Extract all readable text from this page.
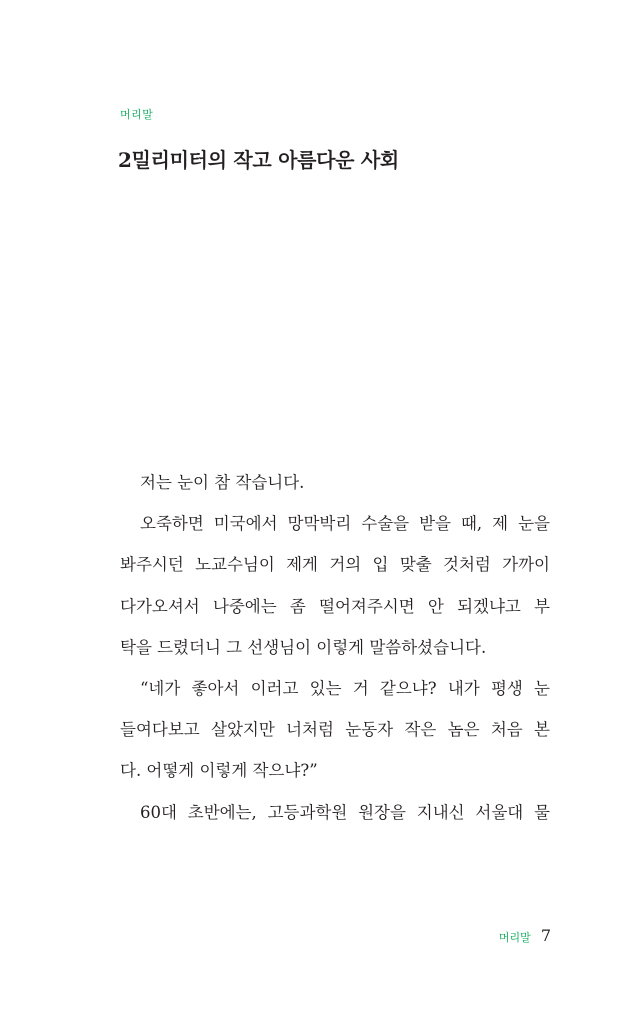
머리말
2밀리미터의 작고 아름다운 사회
저는 눈이 참 작습니다.
오죽하면 미국에서 망막박리 수술을 받을 때, 제 눈을
봐주시던 노교수님이 제게 거의 입 맞출 것처럼 가까이
다가오셔서 나중에는 좀 떨어져주시면 안 되겠냐고 부
탁을 드렸더니 그 선생님이 이렇게 말씀하셨습니다.
“네가 좋아서 이러고 있는 거 같으냐? 내가 평생 눈
들여다보고 살았지만 너처럼 눈동자 작은 놈은 처음 본
다. 어떻게 이렇게 작으냐?”
60대 초반에는, 고등과학원 원장을 지내신 서울대 물
머리말 7
